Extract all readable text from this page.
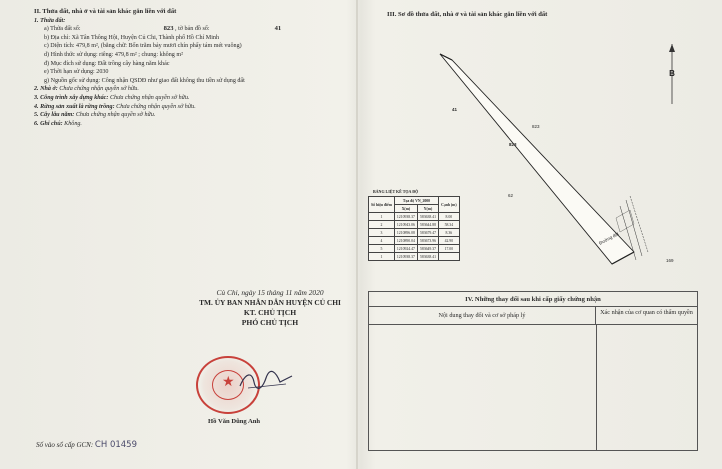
II. Thửa đất, nhà ở và tài sản khác gắn liền với đất
1. Thửa đất:
a) Thửa đất số:	823 , tờ bản đồ số:	41
b) Địa chỉ: Xã Tân Thông Hội, Huyện Củ Chi, Thành phố Hồ Chí Minh
c) Diện tích: 479,8 m², (bằng chữ: Bốn trăm bảy mươi chín phẩy tám mét vuông)
d) Hình thức sử dụng: riêng: 479,8 m² ; chung: không m²
đ) Mục đích sử dụng: Đất trồng cây hàng năm khác
e) Thời hạn sử dụng: 2030
g) Nguồn gốc sử dụng: Công nhận QSDĐ như giao đất không thu tiền sử dụng đất
2. Nhà ở: Chưa chứng nhận quyền sở hữu.
3. Công trình xây dựng khác: Chưa chứng nhận quyền sở hữu.
4. Rừng sản xuất là rừng trồng: Chưa chứng nhận quyền sở hữu.
5. Cây lâu năm: Chưa chứng nhận quyền sở hữu.
6. Ghi chú: Không.
Củ Chi, ngày 15 tháng 11 năm 2020
TM. ỦY BAN NHÂN DÂN HUYỆN CỦ CHI
KT. CHỦ TỊCH
PHÓ CHỦ TỊCH
★
Hồ Văn Dũng Anh
Số vào sổ cấp GCN: CH 01459
III. Sơ đồ thửa đất, nhà ở và tài sản khác gắn liền với đất
B
41
823
823
62
169
Đường đất
BẢNG LIỆT KÊ TỌA ĐỘ
Số hiệu điểm	Tọa độ VN_2000		Cạnh (m)
	X(m)	Y(m)	
1	1210938.37	583638.41	8.00
2	1210943.06	583644.88	58.34
3	1210896.08	583679.47	8.36
4	1210890.04	583673.96	42.90
5	1210924.47	583649.37	17.00
1	1210938.37	583638.41	
IV. Những thay đổi sau khi cấp giấy chứng nhận
Nội dung thay đổi và cơ sở pháp lý	Xác nhận của cơ quan có thẩm quyền
